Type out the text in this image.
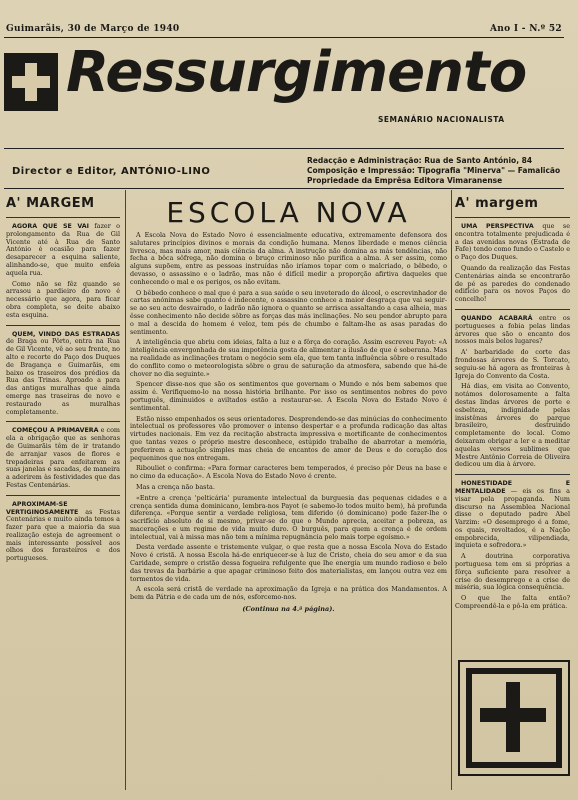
Guimarãis, 30 de Março de 1940	Ano I - N.º 52
Ressurgimento
SEMANÁRIO NACIONALISTA
Director e Editor, ANTÓNIO-LINO
Redacção e Administração: Rua de Santo António, 84
Composição e Impressão: Tipografia "Minerva" — Famalicão
Propriedade da Emprêsa Editora Vimaranense
A' MARGEM

AGORA QUE SE VAI fazer o prolongamento da Rua de Gil Vicente até à Rua de Santo António é ocasião para fazer desaparecer a esquina saliente, alinhando-se, que muito enfeia aquela rua.

Como não se fêz quando se arrasou a pardieiro do novo é necessário que agora, para ficar obra completa, se deite abaixo esta esquina.

QUEM, VINDO DAS ESTRADAS de Braga ou Pôrto, entra na Rua de Gil Vicente, vê ao seu frente, no alto e recorte do Paço dos Duques de Bragança e Guimarãis, em baixo os traseiros dos prédios da Rua das Trinas. Aproado a para das antigas muralhas que ainda emerge nas traseiras de novo e restaurado as muralhas completamente.

COMEÇOU A PRIMAVERA e com ela a obrigação que as senhoras de Guimarãis têm de ir tratando de arranjar vasos de flores e trepadeiras para enfeitarem as suas janelas e sacadas, de maneira a aderirem às festividades que das Festas Centenárias.

APROXIMAM-SE VERTIGINOSAMENTE as Festas Centenárias e muito ainda temos a fazer para que a maioria da sua realização esteja de agreement o mais interessante possível aos olhos dos forasteiros e dos portugueses.

ESCOLA NOVA

A Escola Nova do Estado Novo é essencialmente educativa, extremamente defensora dos salutares princípios divinos e morais da condição humana. Menos liberdade e menos ciência livresca, mas mais amor, mais ciência da alma. A instrução não domina as más tendências, não fecha a bôca sôfrega, não domina o bruço criminoso não purifica a alma. A ser assim, como alguns supõem, entre as pessoas instruídas não iríamos topar com o malcriado, o bêbedo, o devasso, o assassino e o ladrão, mas não é difícil medir a proporção afirtiva daqueles que conhecendo o mal e os perigos, os não evitam.

O bêbedo conhece o mal que é para a sua saúde o seu inveterado do álcool, o escrevinhador de cartas anónimas sabe quanto é indecente, o assassino conhece a maior desgraça que vai seguir-se ao seu acto desvairado, o ladrão não ignora o quanto se arrisca assaltando a casa alheia, mas êsse conhecimento não decide sôbre as forças das más inclinações. No seu pendor abrupto para o mal a descida do homem é veloz, tem pés de chumbo e faltam-lhe as asas paradas do sentimento.

A inteligência que abriu com ideias, falta a luz e a fôrça do coração. Assim escreveu Payot: «A inteligência envergonhada de sua impotência gosta de alimentar a ilusão de que é soberana. Mas na realidade as inclinações tratam o negócio sem ela, que tem tanta influência sôbre o resultado do conflito como o meteorologista sôbre o grau de saturação da atmosfera, sabendo que há-de chover no dia seguinte.»

Spencer disse-nos que são os sentimentos que governam o Mundo e nós bem sabemos que assim é. Verifiquemo-lo na nossa história brilhante. Por isso os sentimentos nobres do povo português, diminuidos e aviltados estão a restaurar-se. A Escola Nova do Estado Novo é sentimental.

Estão nisso empenhados os seus orientadores. Desprendendo-se das minúcias do conhecimento intelectual os professores vão promover o intenso despertar e a profunda radicação das altas virtudes nacionais. Em vez da recitação abstracta impressiva e mortificante de conhecimentos que tantas vezes o próprio mestre desconhece, estúpido trabalho de abarrotar a memória, preferirem a actuação simples mas cheia de encantos de amor de Deus e do coração dos pequeninos que nos entregam.

Ribouliet o confirma: «Para formar caracteres bem temperados, é preciso pôr Deus na base e no cimo da educação». A Escola Nova do Estado Novo é crente.

Mas a crença não basta.

«Entre a crença 'pelticária' puramente intelectual da burguesia das pequenas cidades e a crença sentida duma dominicano, lembra-nos Payot (e sabemo-lo todos muito bem), há profunda diferença. «Porque sentir a verdade religiosa, tem diferido (ó dominicano) pode fazer-lhe o sacrifício absoluto de si mesmo, privar-se do que o Mundo aprecia, aceitar a pobreza, as macerações e um regime de vida muito duro. O burguês, para quem a crença é de ordem intelectual, vai à missa mas não tem a mínima repugnância pelo mais torpe egoísmo.»

Desta verdade assente e tristemente vulgar, o que resta que a nossa Escola Nova do Estado Novo é cristã. A nossa Escola há-de enriquecer-se à luz de Cristo, cheia do seu amor e da sua Caridade, sempre o cristão dessa fogueira refulgente que lhe energia um mundo radioso e belo das trevas da barbárie a que apagar criminoso feito dos materialistas, em lançou outra vez em tormentos de vida.

A escola será cristã de verdade na aproximação da Igreja e na prática dos Mandamentos. A bem da Pátria e de cada um de nós, esforcemo-nos.

(Continua na 4.ª página).
A' margem

UMA PERSPECTIVA que se encontra totalmente prejudicada é a das avenidas novas (Estrada de Fafe) tendo como fundo o Castelo e o Paço dos Duques.

Quando da realização das Festas Centenárias ainda se encontrarão de pé as paredes do condenado edifício para os novos Paços do concelho!

QUANDO ACABARÁ entre os portugueses a fobia pelas lindas árvores que são o encanto dos nossos mais belos lugares?

A' barbaridade do corte das frondosas árvores de S. Torcato, seguiu-se há agora as fronteiras à Igreja do Convento da Costa.

Há dias, em visita ao Convento, notámos dolorosamente a falta destas lindas árvores de porte e esbelteza, indignidade pelas insistênas árvores do parque brasileiro, destruindo completamente do local. Como deixaram obrigar a ler e a meditar aquelas versos sublimes que Mestre Antônio Correia de Oliveira dedicou um dia à árvore.

HONESTIDADE E MENTALIDADE — eis os fins a visar pela propaganda. Num discurso na Assemblea Nacional disse o deputado padre Abel Varzim: «O desemprego é a fome, os quais, revoltados, é a Nação empobrecida, vilipendiada, inquieta e sofredora.»

A doutrina corporativa portuguesa tem em si próprias a fôrça suficiente para resolver a crise do desemprego e a crise de miséria, sua lógica consequência.

O que lhe falta então? Compreendê-la e pô-la em prática.
